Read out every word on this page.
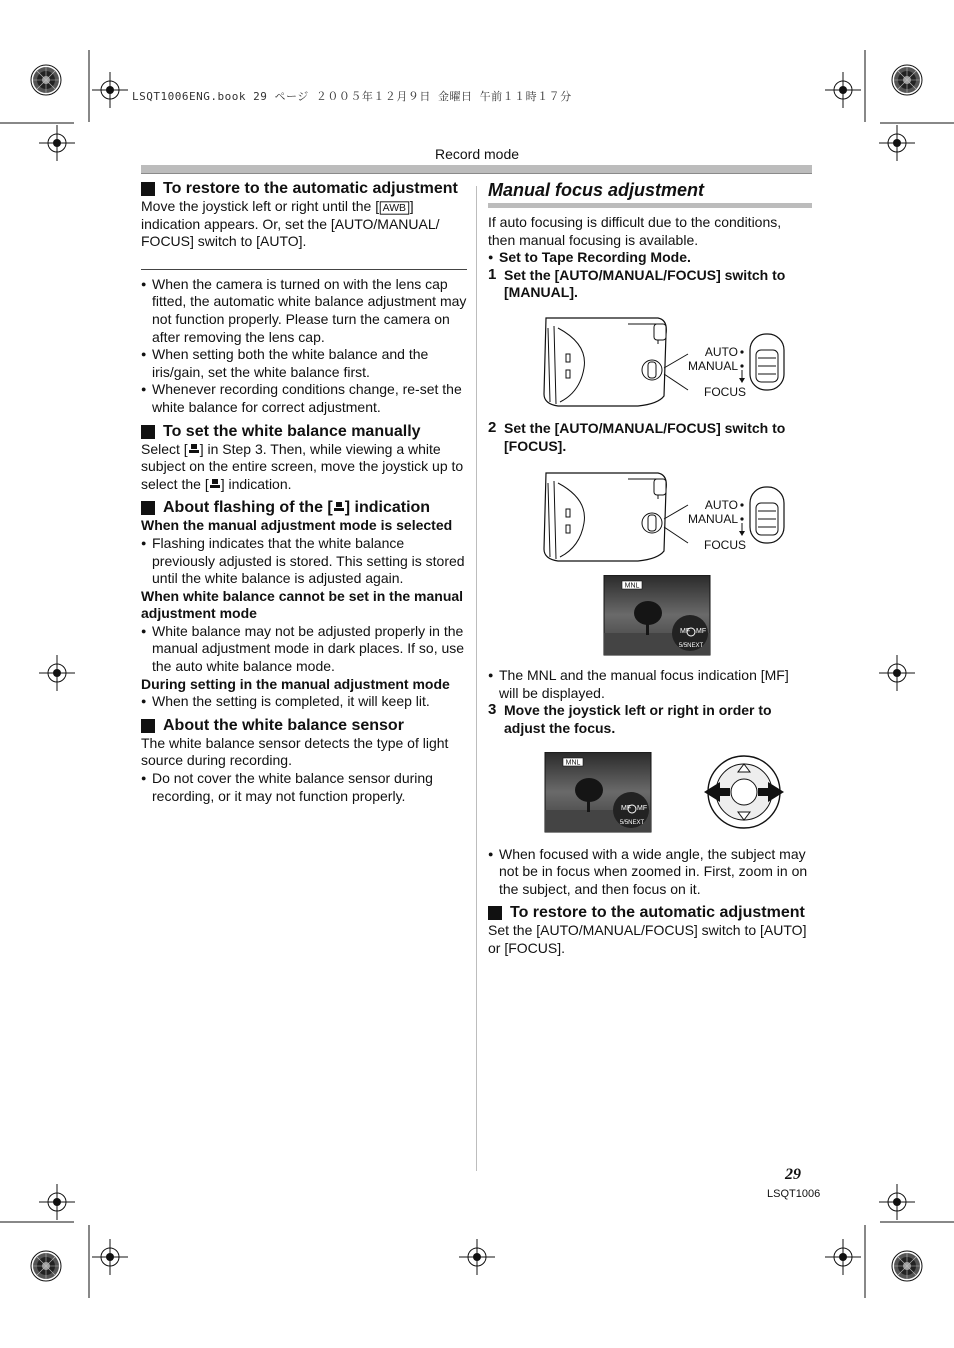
LSQT1006ENG.book 29 ページ ２００５年１２月９日 金曜日 午前１１時１７分
Record mode

To restore to the automatic adjustment

Move the joystick left or right until the [ AWB ] indication appears. Or, set the [AUTO/MANUAL/ FOCUS] switch to [AUTO].

● When the camera is turned on with the lens cap fitted, the automatic white balance adjustment may not function properly. Please turn the camera on after removing the lens cap.

● When setting both the white balance and the iris/gain, set the white balance first.

● Whenever recording conditions change, re-set the white balance for correct adjustment.

To set the white balance manually

Select [ ] in Step 3. Then, while viewing a white subject on the entire screen, move the joystick up to select the [ ] indication.

About flashing of the [ ] indication

When the manual adjustment mode is selected

● Flashing indicates that the white balance previously adjusted is stored. This setting is stored until the white balance is adjusted again.

When white balance cannot be set in the manual adjustment mode

● White balance may not be adjusted properly in the manual adjustment mode in dark places. If so, use the auto white balance mode.

During setting in the manual adjustment mode

● When the setting is completed, it will keep lit.

About the white balance sensor

The white balance sensor detects the type of light source during recording.

● Do not cover the white balance sensor during recording, or it may not function properly.

Manual focus adjustment

If auto focusing is difficult due to the conditions, then manual focusing is available.

● Set to Tape Recording Mode.

1 Set the [AUTO/MANUAL/FOCUS] switch to [MANUAL].

AUTO
MANUAL
FOCUS

2 Set the [AUTO/MANUAL/FOCUS] switch to [FOCUS].

AUTO
MANUAL
FOCUS
MNL
MF MF
5/5NEXT

● The MNL and the manual focus indication [MF] will be displayed.

3 Move the joystick left or right in order to adjust the focus.

MNL
MF MF
5/5NEXT

● When focused with a wide angle, the subject may not be in focus when zoomed in. First, zoom in on the subject, and then focus on it.

To restore to the automatic adjustment

Set the [AUTO/MANUAL/FOCUS] switch to [AUTO] or [FOCUS].

29
LSQT1006
